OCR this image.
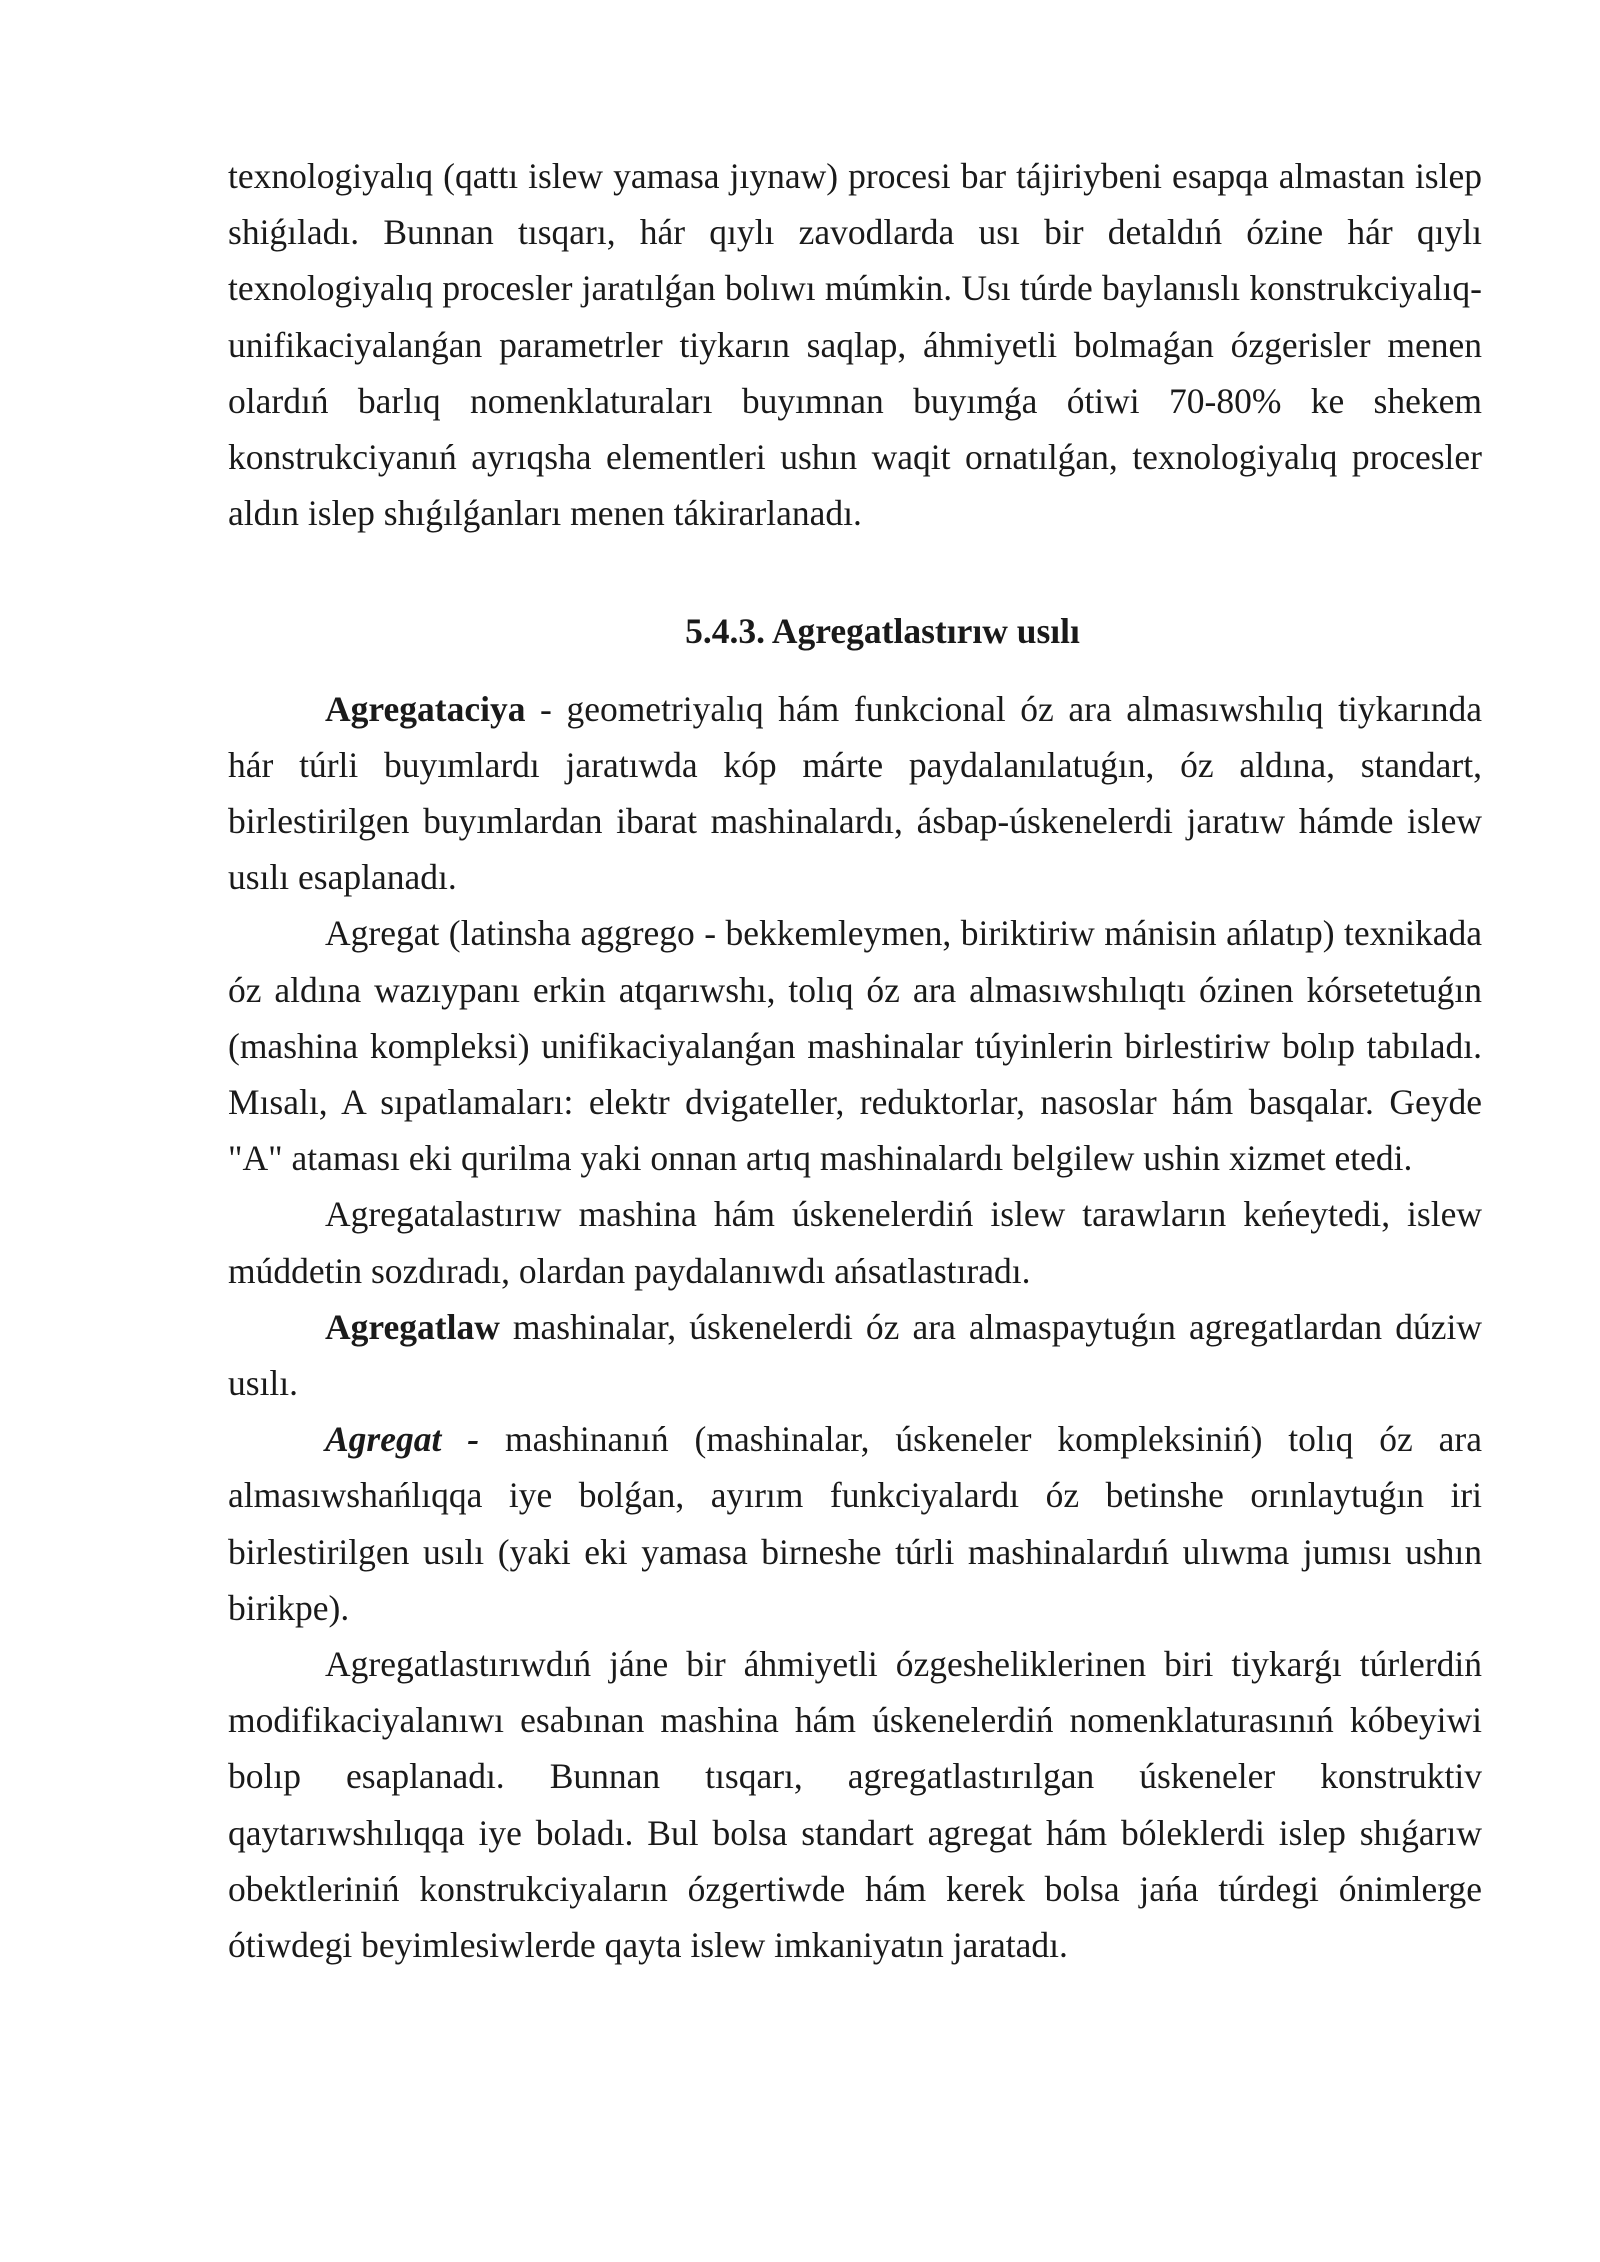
texnologiyalıq (qattı islew yamasa jıynaw) procesi bar tájiriybeni esapqa almastan islep shiǵıladı. Bunnan tısqarı, hár qıylı zavodlarda usı bir detaldıń ózine hár qıylı texnologiyalıq procesler jaratılǵan bolıwı múmkin. Usı túrde baylanıslı konstrukciyalıq-unifikaciyalanǵan parametrler tiykarın saqlap, áhmiyetli bolmaǵan ózgerisler menen olardıń barlıq nomenklaturaları buyımnan buyımǵa ótiwi 70-80% ke shekem konstrukciyanıń ayrıqsha elementleri ushın waqit ornatılǵan, texnologiyalıq procesler aldın islep shıǵılǵanları menen tákirarlanadı.

5.4.3. Agregatlastırıw usılı

Agregataciya - geometriyalıq hám funkcional óz ara almasıwshılıq tiykarında hár túrli buyımlardı jaratıwda kóp márte paydalanılatuǵın, óz aldına, standart, birlestirilgen buyımlardan ibarat mashinalardı, ásbap-úskenelerdi jaratıw hámde islew usılı esaplanadı.

Agregat (latinsha aggrego - bekkemleymen, biriktiriw mánisin ańlatıp) texnikada óz aldına wazıypanı erkin atqarıwshı, tolıq óz ara almasıwshılıqtı ózinen kórsetetuǵın (mashina kompleksi) unifikaciyalanǵan mashinalar túyinlerin birlestiriw bolıp tabıladı. Mısalı, A sıpatlamaları: elektr dvigateller, reduktorlar, nasoslar hám basqalar. Geyde "A" ataması eki qurilma yaki onnan artıq mashinalardı belgilew ushin xizmet etedi.

Agregatalastırıw mashina hám úskenelerdiń islew tarawların keńeytedi, islew múddetin sozdıradı, olardan paydalanıwdı ańsatlastıradı.

Agregatlaw mashinalar, úskenelerdi óz ara almaspaytuǵın agregatlardan dúziw usılı.

Agregat - mashinanıń (mashinalar, úskeneler kompleksiniń) tolıq óz ara almasıwshańlıqqa iye bolǵan, ayırım funkciyalardı óz betinshe orınlaytuǵın iri birlestirilgen usılı (yaki eki yamasa birneshe túrli mashinalardıń ulıwma jumısı ushın birikpe).

Agregatlastırıwdıń jáne bir áhmiyetli ózgesheliklerinen biri tiykarǵı túrlerdiń modifikaciyalanıwı esabınan mashina hám úskenelerdiń nomenklaturasınıń kóbeyiwi bolıp esaplanadı. Bunnan tısqarı, agregatlastırılgan úskeneler konstruktiv qaytarıwshılıqqa iye boladı. Bul bolsa standart agregat hám bóleklerdi islep shıǵarıw obektleriniń konstrukciyaların ózgertiwde hám kerek bolsa jańa túrdegi ónimlerge ótiwdegi beyimlesiwlerde qayta islew imkaniyatın jaratadı.
